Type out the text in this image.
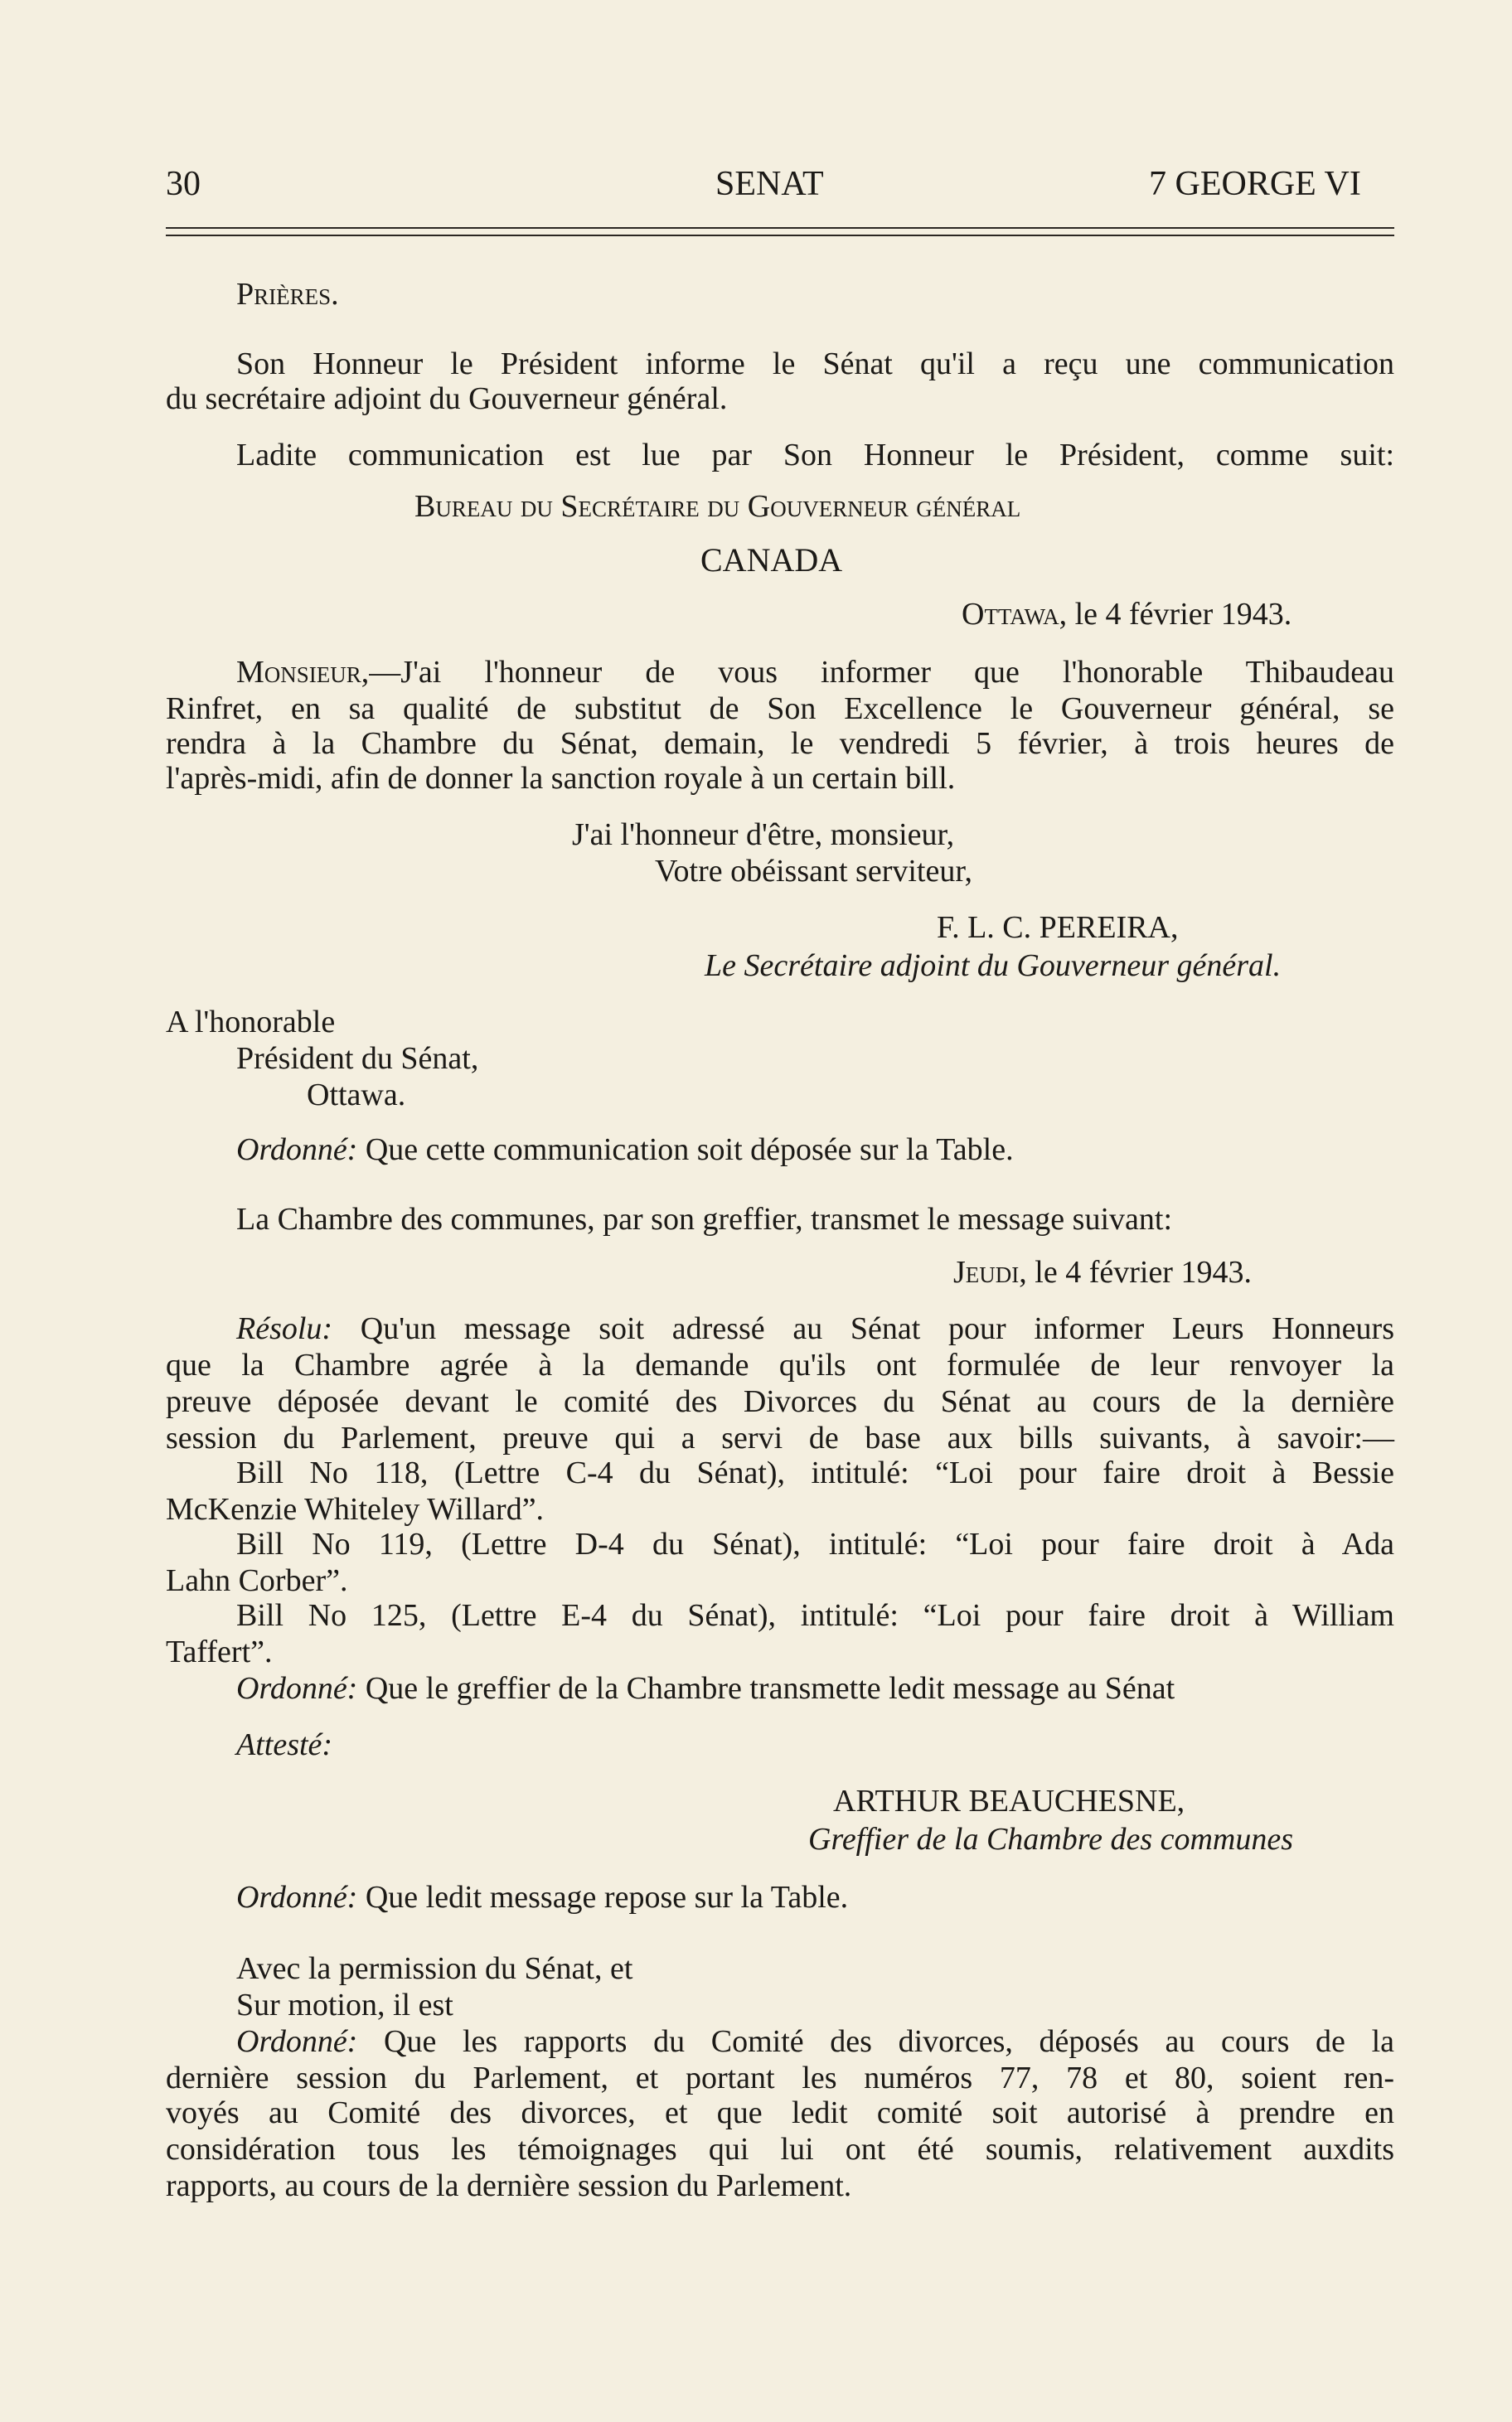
30	SENAT	7 GEORGE VI
Prières.
Son Honneur le Président informe le Sénat qu'il a reçu une communication
du secrétaire adjoint du Gouverneur général.
Ladite communication est lue par Son Honneur le Président, comme suit:
Bureau du Secrétaire du Gouverneur général
CANADA
Ottawa, le 4 février 1943.
Monsieur,—J'ai l'honneur de vous informer que l'honorable Thibaudeau
Rinfret, en sa qualité de substitut de Son Excellence le Gouverneur général, se
rendra à la Chambre du Sénat, demain, le vendredi 5 février, à trois heures de
l'après-midi, afin de donner la sanction royale à un certain bill.
J'ai l'honneur d'être, monsieur,
Votre obéissant serviteur,
F. L. C. PEREIRA,
Le Secrétaire adjoint du Gouverneur général.
A l'honorable
Président du Sénat,
Ottawa.
Ordonné: Que cette communication soit déposée sur la Table.
La Chambre des communes, par son greffier, transmet le message suivant:
Jeudi, le 4 février 1943.
Résolu: Qu'un message soit adressé au Sénat pour informer Leurs Honneurs
que la Chambre agrée à la demande qu'ils ont formulée de leur renvoyer la
preuve déposée devant le comité des Divorces du Sénat au cours de la dernière
session du Parlement, preuve qui a servi de base aux bills suivants, à savoir:—
Bill No 118, (Lettre C-4 du Sénat), intitulé: “Loi pour faire droit à Bessie
McKenzie Whiteley Willard”.
Bill No 119, (Lettre D-4 du Sénat), intitulé: “Loi pour faire droit à Ada
Lahn Corber”.
Bill No 125, (Lettre E-4 du Sénat), intitulé: “Loi pour faire droit à William
Taffert”.
Ordonné: Que le greffier de la Chambre transmette ledit message au Sénat
Attesté:
ARTHUR BEAUCHESNE,
Greffier de la Chambre des communes
Ordonné: Que ledit message repose sur la Table.
Avec la permission du Sénat, et
Sur motion, il est
Ordonné: Que les rapports du Comité des divorces, déposés au cours de la
dernière session du Parlement, et portant les numéros 77, 78 et 80, soient ren-
voyés au Comité des divorces, et que ledit comité soit autorisé à prendre en
considération tous les témoignages qui lui ont été soumis, relativement auxdits
rapports, au cours de la dernière session du Parlement.
